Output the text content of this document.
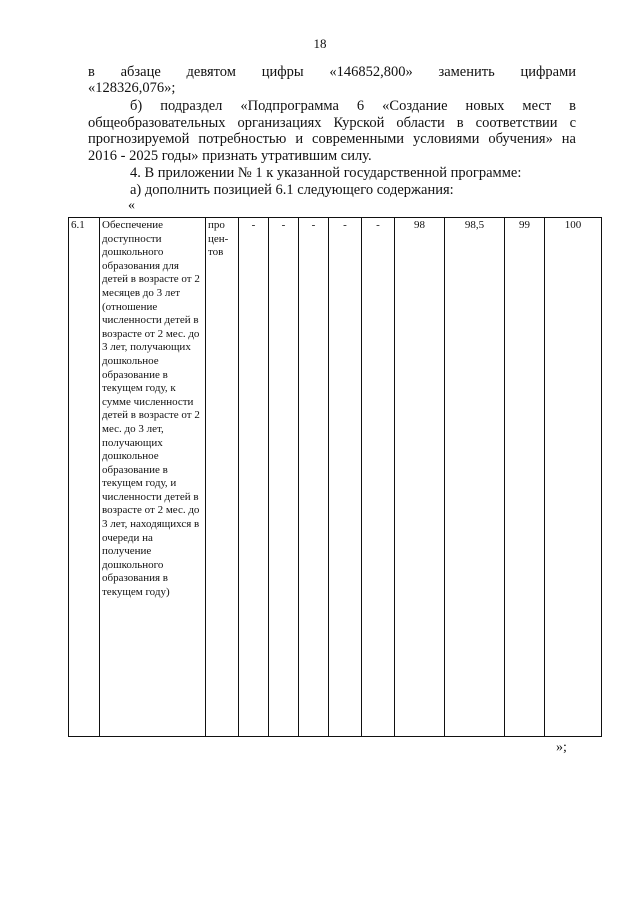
18
в абзаце девятом цифры «146852,800» заменить цифрами
«128326,076»;
б) подраздел «Подпрограмма 6 «Создание новых мест в
общеобразовательных организациях Курской области в соответствии с
прогнозируемой потребностью и современными условиями обучения» на
2016 - 2025 годы» признать утратившим силу.
4. В приложении № 1 к указанной государственной программе:
а) дополнить позицией 6.1 следующего содержания:
«
6.1	Обеспечение доступности дошкольного образования для детей в возрасте от 2 месяцев до 3 лет (отношение численности детей в возрасте от 2 мес. до 3 лет, получающих дошкольное образование в текущем году, к сумме численности детей в возрасте от 2 мес. до 3 лет, получающих дошкольное образование в текущем году, и численности детей в возрасте от 2 мес. до 3 лет, находящихся в очереди на получение дошкольного образования в текущем году)	про цен- тов	-	-	-	-	-	98	98,5	99	100
»;
